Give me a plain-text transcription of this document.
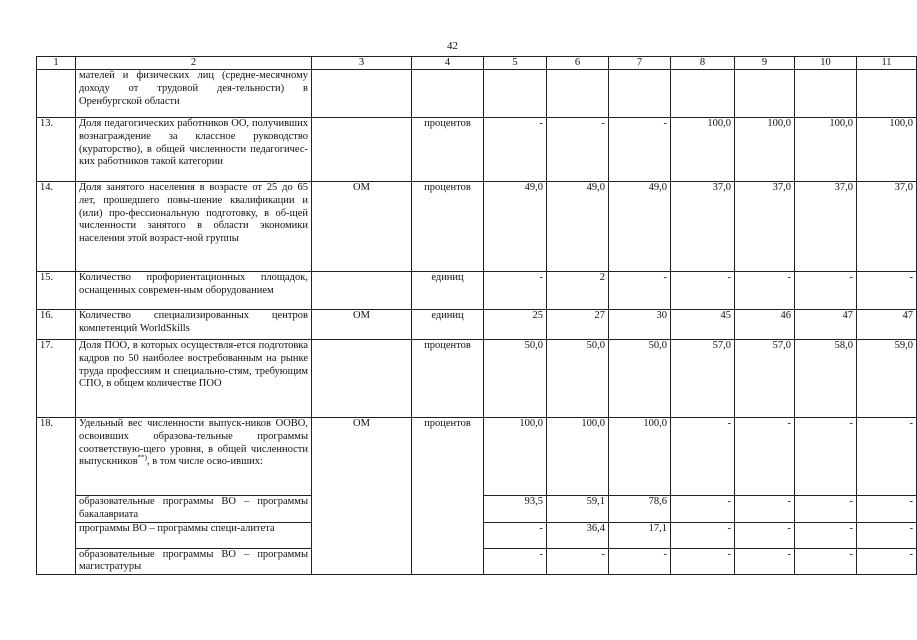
42
1	2	3	4	5	6	7	8	9	10	11
	мателей и физических лиц (средне-месячному доходу от трудовой дея-тельности) в Оренбургской области									
13.	Доля педагогических работников ОО, получивших вознаграждение за классное руководство (кураторство), в общей численности педагогичес-ких работников такой категории		процентов	-	-	-	100,0	100,0	100,0	100,0
14.	Доля занятого населения в возрасте от 25 до 65 лет, прошедшего повы-шение квалификации и (или) про-фессиональную подготовку, в об-щей численности занятого в области экономики населения этой возраст-ной группы	ОМ	процентов	49,0	49,0	49,0	37,0	37,0	37,0	37,0
15.	Количество профориентационных площадок, оснащенных современ-ным оборудованием		единиц	-	2	-	-	-	-	-
16.	Количество специализированных центров компетенций WorldSkills	ОМ	единиц	25	27	30	45	46	47	47
17.	Доля ПОО, в которых осуществля-ется подготовка кадров по 50 наиболее востребованным на рынке труда профессиям и специально-стям, требующим СПО, в общем количестве ПОО		процентов	50,0	50,0	50,0	57,0	57,0	58,0	59,0
18.	Удельный вес численности выпуск-ников ООВО, освоивших образова-тельные программы соответствую-щего уровня, в общей численности выпускников**), в том числе осво-ивших:	ОМ	процентов	100,0	100,0	100,0	-	-	-	-
	образовательные программы ВО – программы бакалавриата			93,5	59,1	78,6	-	-	-	-
	программы ВО – программы специ-алитета			-	36,4	17,1	-	-	-	-
	образовательные программы ВО – программы магистратуры			-	-	-	-	-	-	-
